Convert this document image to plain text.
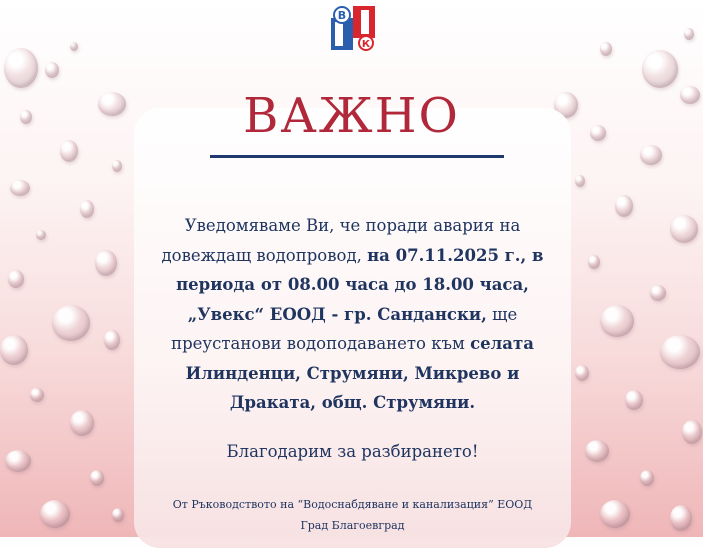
В
К
ВАЖНО
Уведомяваме Ви, че поради авария на довеждащ водопровод, на 07.11.2025 г., в периода от 08.00 часа до 18.00 часа, „Увекс“ ЕООД - гр. Сандански, ще преустанови водоподаването към селата Илинденци, Струмяни, Микрево и Драката, общ. Струмяни.
Благодарим за разбирането!
От Ръководството на “Водоснабдяване и канализация” ЕООД
Град Благоевград
